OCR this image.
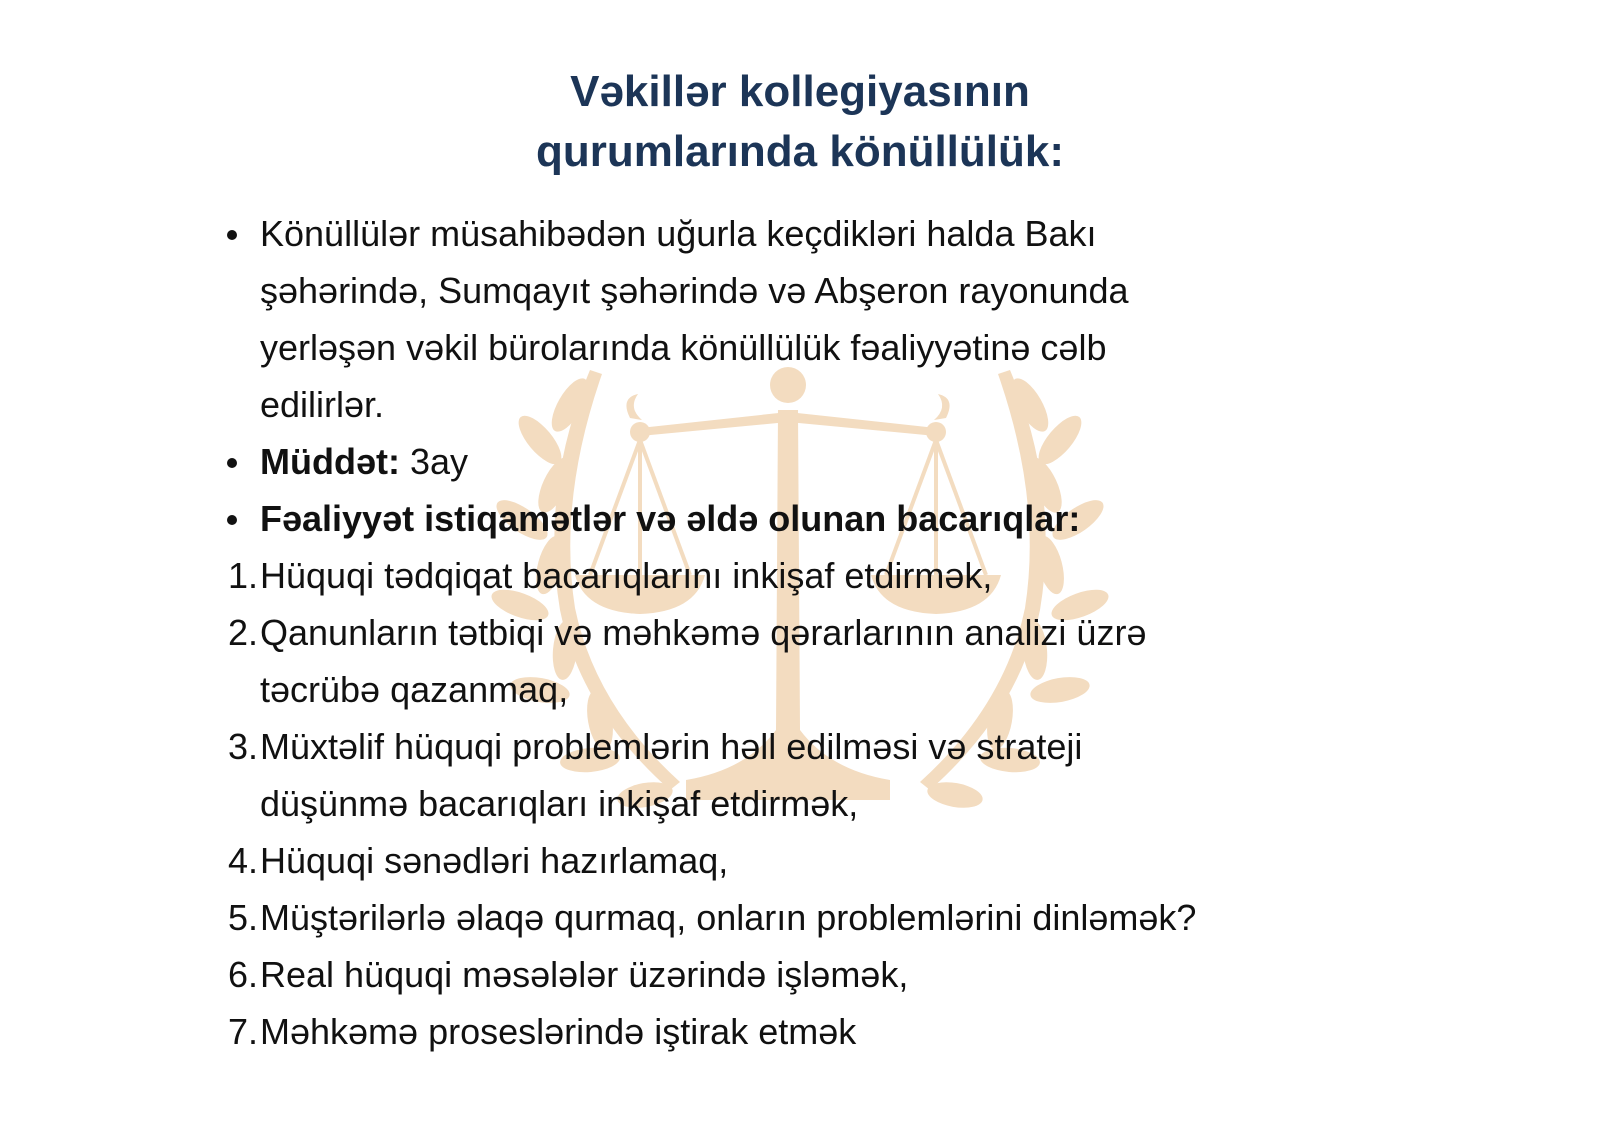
Vəkillər kollegiyasının
qurumlarında könüllülük:
Könüllülər müsahibədən uğurla keçdikləri halda Bakı
şəhərində, Sumqayıt şəhərində və Abşeron rayonunda
yerləşən vəkil bürolarında könüllülük fəaliyyətinə cəlb
edilirlər.
Müddət: 3ay
Fəaliyyət istiqamətlər və əldə olunan bacarıqlar:
1. Hüquqi tədqiqat bacarıqlarını inkişaf etdirmək,
2. Qanunların tətbiqi və məhkəmə qərarlarının analizi üzrə
təcrübə qazanmaq,
3. Müxtəlif hüquqi problemlərin həll edilməsi və strateji
düşünmə bacarıqları inkişaf etdirmək,
4. Hüquqi sənədləri hazırlamaq,
5. Müştərilərlə əlaqə qurmaq, onların problemlərini dinləmək?
6. Real hüquqi məsələlər üzərində işləmək,
7. Məhkəmə proseslərində iştirak etmək
